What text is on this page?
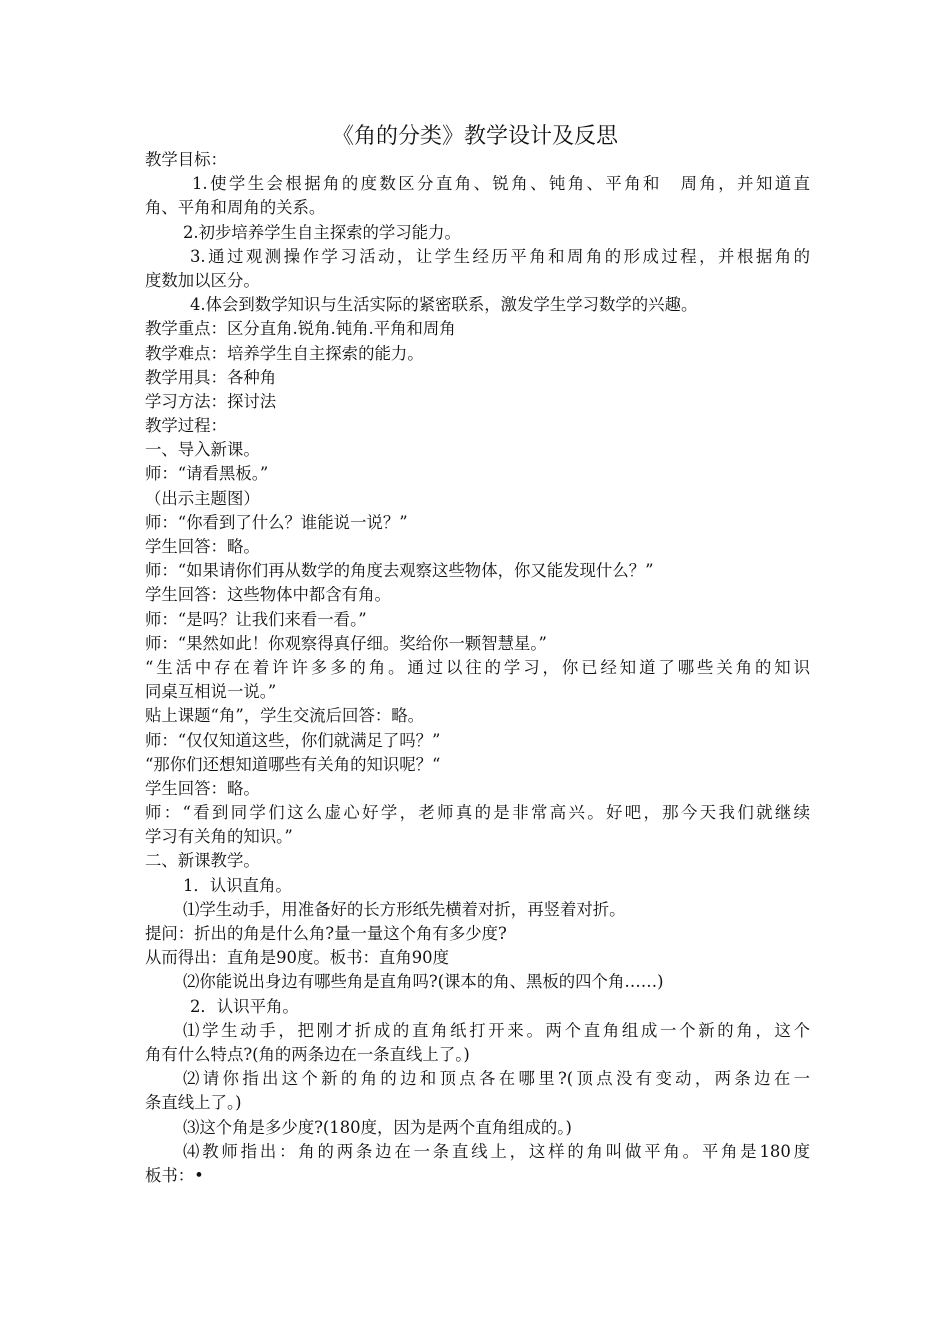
《角的分类》教学设计及反思
教学目标：
1.使学生会根据角的度数区分直角、锐角、钝角、平角和　周角，并知道直
角、平角和周角的关系。
2.初步培养学生自主探索的学习能力。
3.通过观测操作学习活动，让学生经历平角和周角的形成过程，并根据角的
度数加以区分。
4.体会到数学知识与生活实际的紧密联系，激发学生学习数学的兴趣。
教学重点：区分直角.锐角.钝角.平角和周角
教学难点：培养学生自主探索的能力。
教学用具：各种角
学习方法：探讨法
教学过程：
一、导入新课。
师：“请看黑板。”
（出示主题图）
师：“你看到了什么？谁能说一说？”
学生回答：略。
师：“如果请你们再从数学的角度去观察这些物体，你又能发现什么？”
学生回答：这些物体中都含有角。
师：“是吗？让我们来看一看。”
师：“果然如此！你观察得真仔细。奖给你一颗智慧星。”
“生活中存在着许许多多的角。通过以往的学习，你已经知道了哪些关角的知识
同桌互相说一说。”
贴上课题“角”，学生交流后回答：略。
师：“仅仅知道这些，你们就满足了吗？”
“那你们还想知道哪些有关角的知识呢？“
学生回答：略。
师：“看到同学们这么虚心好学，老师真的是非常高兴。好吧，那今天我们就继续
学习有关角的知识。”
二、新课教学。
1．认识直角。
⑴学生动手，用准备好的长方形纸先横着对折，再竖着对折。
提问：折出的角是什么角?量一量这个角有多少度?
从而得出：直角是90度。板书：直角90度
⑵你能说出身边有哪些角是直角吗?(课本的角、黑板的四个角……)
2．认识平角。
⑴学生动手，把刚才折成的直角纸打开来。两个直角组成一个新的角，这个
角有什么特点?(角的两条边在一条直线上了。)
⑵请你指出这个新的角的边和顶点各在哪里?(顶点没有变动，两条边在一
条直线上了。)
⑶这个角是多少度?(180度，因为是两个直角组成的。)
⑷教师指出：角的两条边在一条直线上，这样的角叫做平角。平角是180度
板书：•
